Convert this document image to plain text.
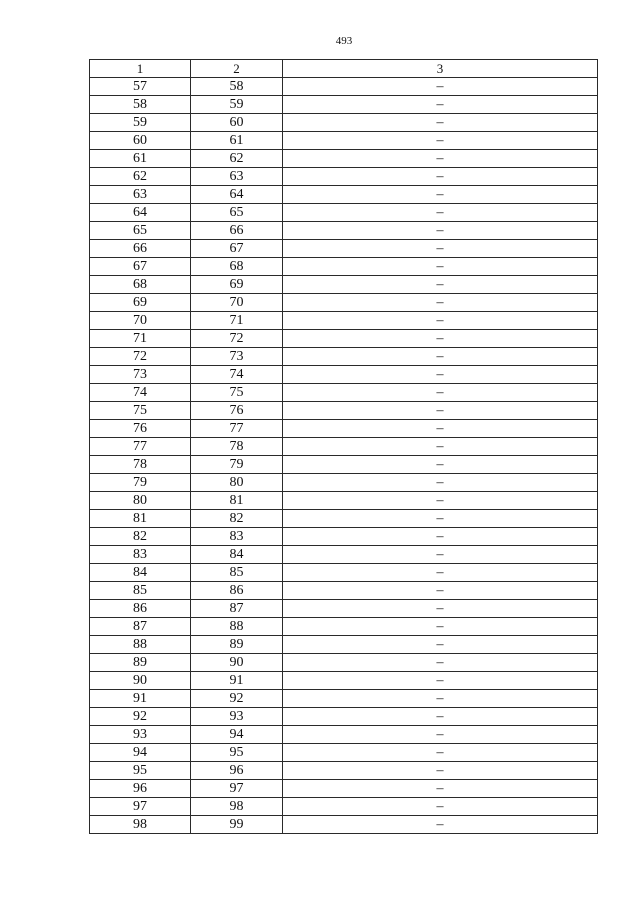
493
1	2	3
57	58	–
58	59	–
59	60	–
60	61	–
61	62	–
62	63	–
63	64	–
64	65	–
65	66	–
66	67	–
67	68	–
68	69	–
69	70	–
70	71	–
71	72	–
72	73	–
73	74	–
74	75	–
75	76	–
76	77	–
77	78	–
78	79	–
79	80	–
80	81	–
81	82	–
82	83	–
83	84	–
84	85	–
85	86	–
86	87	–
87	88	–
88	89	–
89	90	–
90	91	–
91	92	–
92	93	–
93	94	–
94	95	–
95	96	–
96	97	–
97	98	–
98	99	–
